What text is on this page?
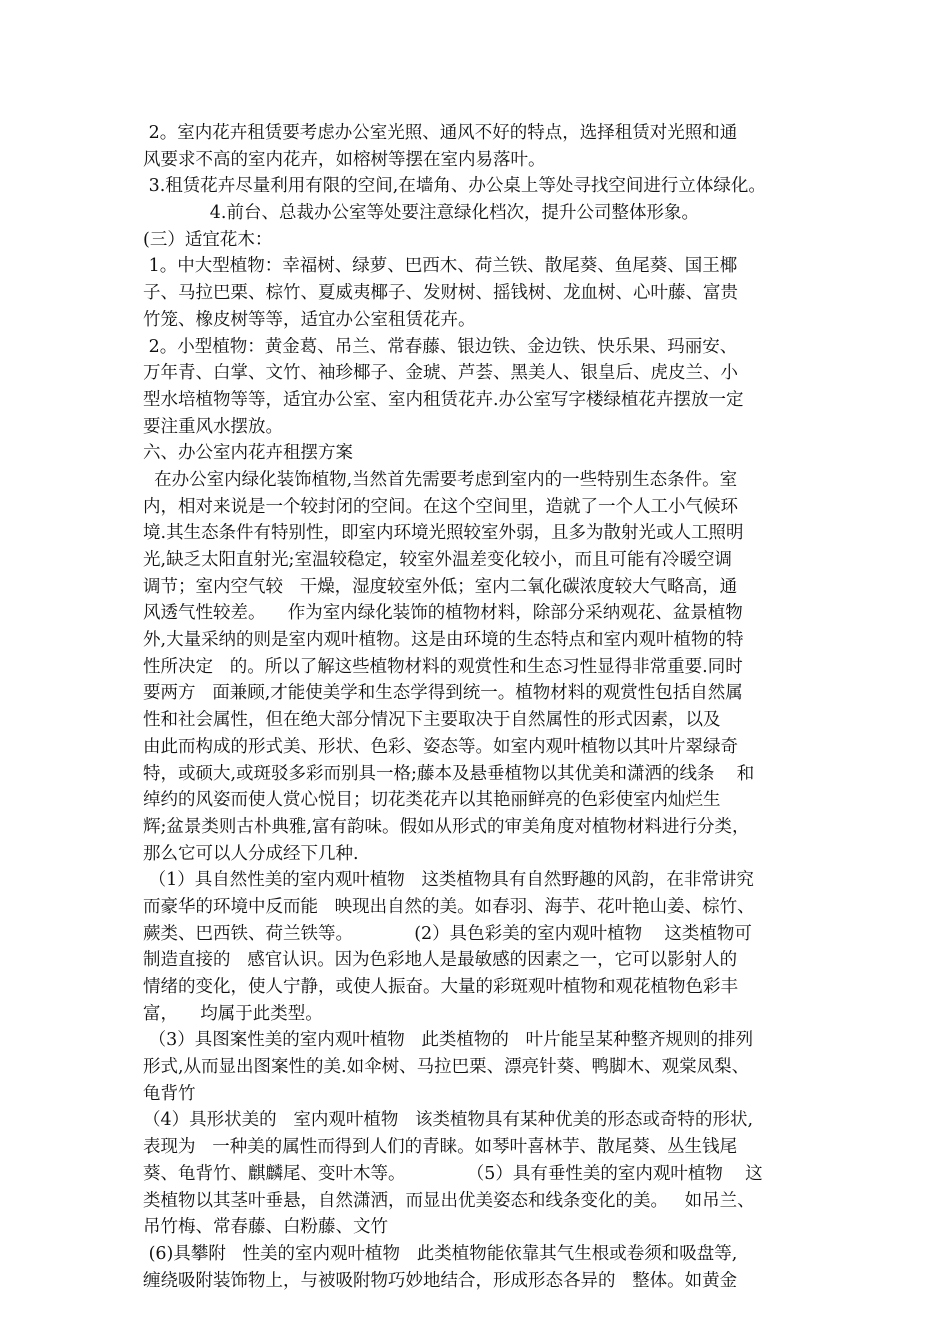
2。室内花卉租赁要考虑办公室光照、通风不好的特点，选择租赁对光照和通
风要求不高的室内花卉，如榕树等摆在室内易落叶。
3.租赁花卉尽量利用有限的空间,在墙角、办公桌上等处寻找空间进行立体绿化。
4.前台、总裁办公室等处要注意绿化档次，提升公司整体形象。
(三）适宜花木：
1。中大型植物：幸福树、绿萝、巴西木、荷兰铁、散尾葵、鱼尾葵、国王椰
子、马拉巴栗、棕竹、夏威夷椰子、发财树、摇钱树、龙血树、心叶藤、富贵
竹笼、橡皮树等等，适宜办公室租赁花卉。
2。小型植物：黄金葛、吊兰、常春藤、银边铁、金边铁、快乐果、玛丽安、
万年青、白掌、文竹、袖珍椰子、金琥、芦荟、黑美人、银皇后、虎皮兰、小
型水培植物等等，适宜办公室、室内租赁花卉.办公室写字楼绿植花卉摆放一定
要注重风水摆放。
六、办公室内花卉租摆方案
在办公室内绿化装饰植物,当然首先需要考虑到室内的一些特别生态条件。室
内，相对来说是一个较封闭的空间。在这个空间里，造就了一个人工小气候环
境.其生态条件有特别性，即室内环境光照较室外弱，且多为散射光或人工照明
光,缺乏太阳直射光;室温较稳定，较室外温差变化较小，而且可能有冷暖空调
调节；室内空气较   干燥，湿度较室外低；室内二氧化碳浓度较大气略高，通
风透气性较差。    作为室内绿化装饰的植物材料，除部分采纳观花、盆景植物
外,大量采纳的则是室内观叶植物。这是由环境的生态特点和室内观叶植物的特
性所决定   的。所以了解这些植物材料的观赏性和生态习性显得非常重要.同时
要两方   面兼顾,才能使美学和生态学得到统一。植物材料的观赏性包括自然属
性和社会属性，但在绝大部分情况下主要取决于自然属性的形式因素，以及
由此而构成的形式美、形状、色彩、姿态等。如室内观叶植物以其叶片翠绿奇
特，或硕大,或斑驳多彩而别具一格;藤本及悬垂植物以其优美和潇洒的线条    和
绰约的风姿而使人赏心悦目；切花类花卉以其艳丽鲜亮的色彩使室内灿烂生
辉;盆景类则古朴典雅,富有韵味。假如从形式的审美角度对植物材料进行分类，
那么它可以人分成经下几种.
（1）具自然性美的室内观叶植物   这类植物具有自然野趣的风韵，在非常讲究
而豪华的环境中反而能   映现出自然的美。如春羽、海芋、花叶艳山姜、棕竹、
蕨类、巴西铁、荷兰铁等。           (2）具色彩美的室内观叶植物    这类植物可
制造直接的   感官认识。因为色彩地人是最敏感的因素之一，它可以影射人的
情绪的变化，使人宁静，或使人振奋。大量的彩斑观叶植物和观花植物色彩丰
富，    均属于此类型。
（3）具图案性美的室内观叶植物   此类植物的   叶片能呈某种整齐规则的排列
形式,从而显出图案性的美.如伞树、马拉巴栗、漂亮针葵、鸭脚木、观棠凤梨、
龟背竹
（4）具形状美的   室内观叶植物   该类植物具有某种优美的形态或奇特的形状,
表现为   一种美的属性而得到人们的青睐。如琴叶喜林芋、散尾葵、丛生钱尾
葵、龟背竹、麒麟尾、变叶木等。           （5）具有垂性美的室内观叶植物    这
类植物以其茎叶垂悬，自然潇洒，而显出优美姿态和线条变化的美。   如吊兰、
吊竹梅、常春藤、白粉藤、文竹
(6)具攀附   性美的室内观叶植物   此类植物能依靠其气生根或卷须和吸盘等,
缠绕吸附装饰物上，与被吸附物巧妙地结合，形成形态各异的   整体。如黄金
